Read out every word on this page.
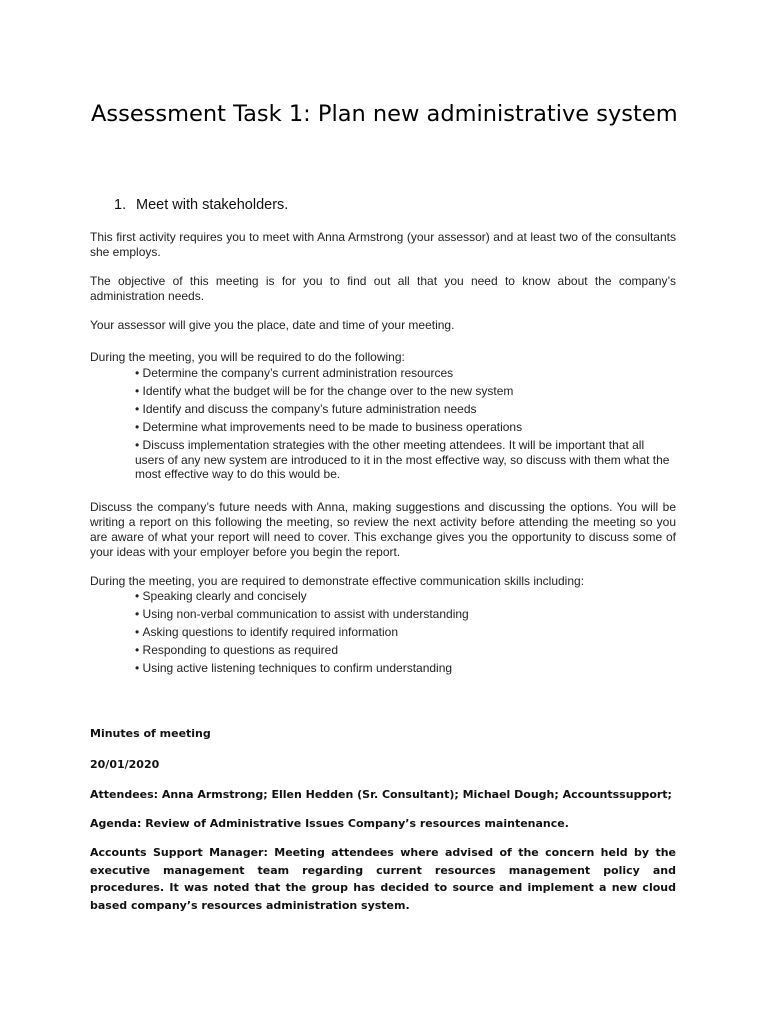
Assessment Task 1: Plan new administrative system
1. Meet with stakeholders.

This first activity requires you to meet with Anna Armstrong (your assessor) and at least two of the consultants she employs.

The objective of this meeting is for you to find out all that you need to know about the company’s administration needs.

Your assessor will give you the place, date and time of your meeting.

During the meeting, you will be required to do the following:

• Determine the company’s current administration resources
• Identify what the budget will be for the change over to the new system
• Identify and discuss the company’s future administration needs
• Determine what improvements need to be made to business operations
• Discuss implementation strategies with the other meeting attendees. It will be important that all users of any new system are introduced to it in the most effective way, so discuss with them what the most effective way to do this would be.

Discuss the company’s future needs with Anna, making suggestions and discussing the options. You will be writing a report on this following the meeting, so review the next activity before attending the meeting so you are aware of what your report will need to cover. This exchange gives you the opportunity to discuss some of your ideas with your employer before you begin the report.

During the meeting, you are required to demonstrate effective communication skills including:

• Speaking clearly and concisely
• Using non-verbal communication to assist with understanding
• Asking questions to identify required information
• Responding to questions as required
• Using active listening techniques to confirm understanding

Minutes of meeting

20/01/2020

Attendees: Anna Armstrong; Ellen Hedden (Sr. Consultant); Michael Dough; Accountssupport;

Agenda: Review of Administrative Issues Company’s resources maintenance.

Accounts Support Manager: Meeting attendees where advised of the concern held by the executive management team regarding current resources management policy and procedures. It was noted that the group has decided to source and implement a new cloud based company’s resources administration system.
